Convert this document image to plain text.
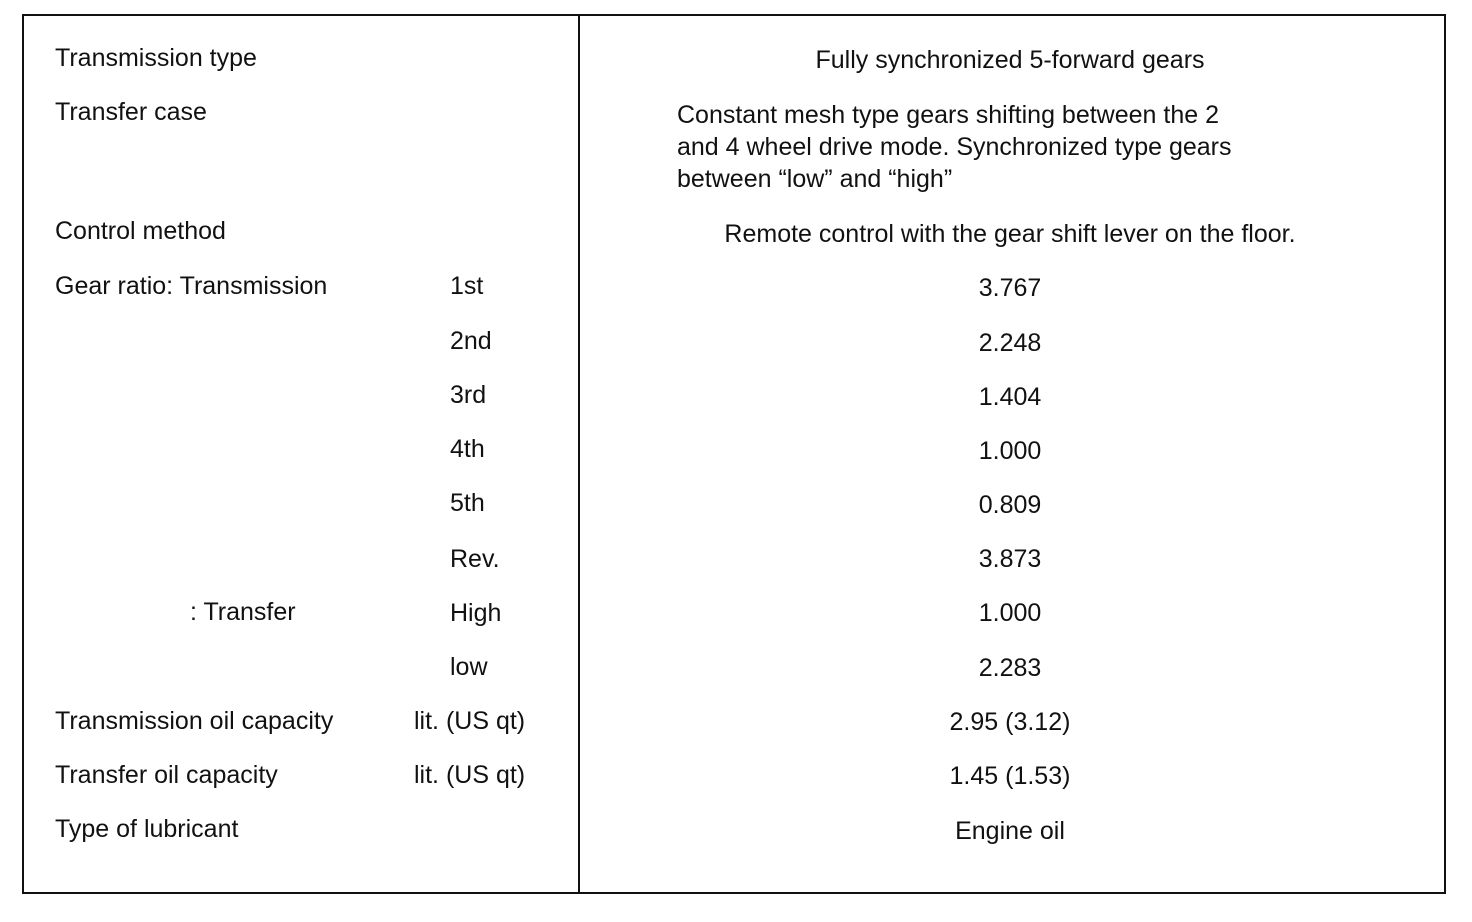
Transmission type	Fully synchronized 5-forward gears
Transfer case	Constant mesh type gears shifting between the 2
and 4 wheel drive mode. Synchronized type gears
between “low” and “high”
Control method	Remote control with the gear shift lever on the floor.
Gear ratio: Transmission	1st	3.767
2nd	2.248
3rd	1.404
4th	1.000
5th	0.809
Rev.	3.873
: Transfer	High	1.000
low	2.283
Transmission oil capacity	lit. (US qt)	2.95 (3.12)
Transfer oil capacity	lit. (US qt)	1.45 (1.53)
Type of lubricant	Engine oil
